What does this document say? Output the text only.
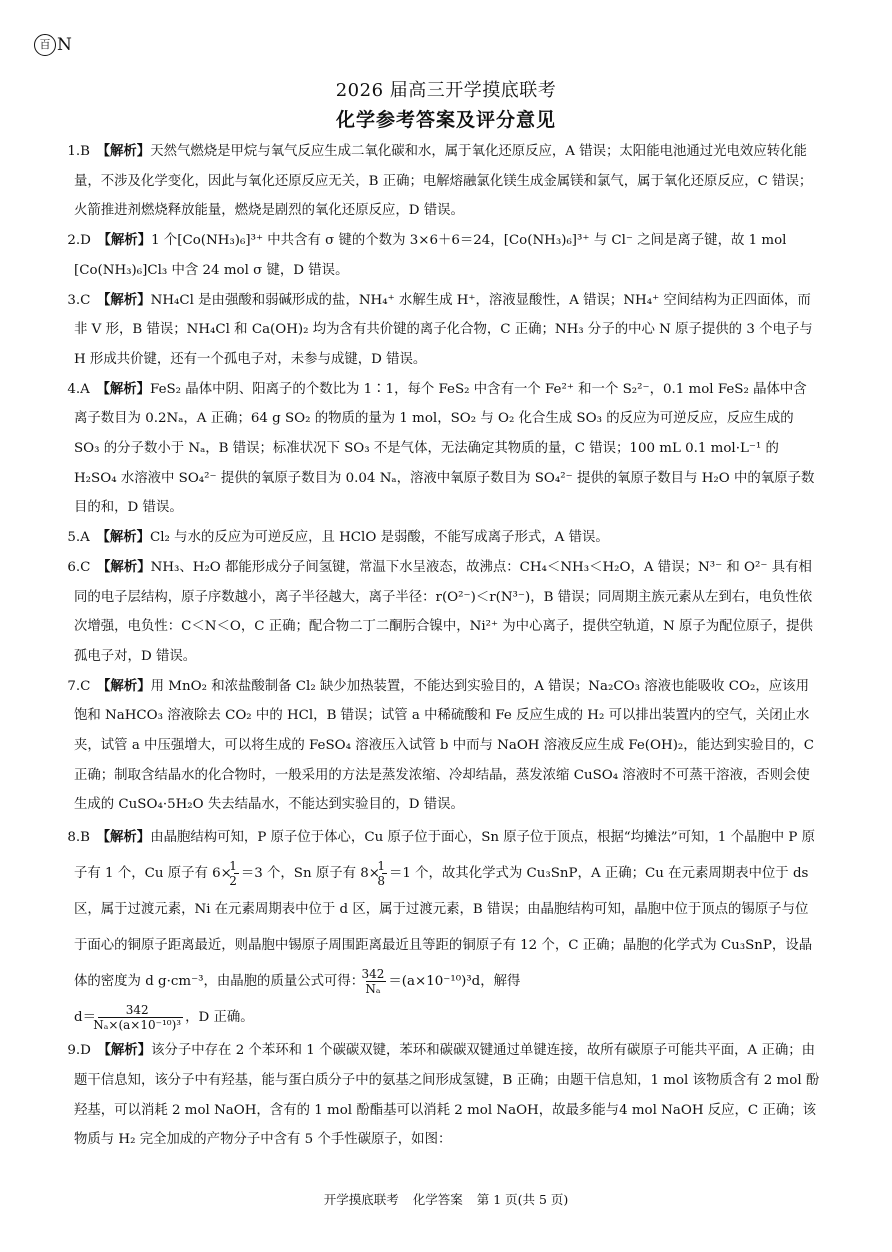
百 N
2026 届高三开学摸底联考
化学参考答案及评分意见

1.B  【解析】天然气燃烧是甲烷与氧气反应生成二氧化碳和水，属于氧化还原反应，A 错误；太阳能电池通过光电效应转化能量，不涉及化学变化，因此与氧化还原反应无关，B 正确；电解熔融氯化镁生成金属镁和氯气，属于氧化还原反应，C 错误；火箭推进剂燃烧释放能量，燃烧是剧烈的氧化还原反应，D 错误。

2.D  【解析】1 个[Co(NH₃)₆]³⁺ 中共含有 σ 键的个数为 3×6＋6＝24，[Co(NH₃)₆]³⁺ 与 Cl⁻ 之间是离子键，故 1 mol [Co(NH₃)₆]Cl₃ 中含 24 mol σ 键，D 错误。

3.C  【解析】NH₄Cl 是由强酸和弱碱形成的盐，NH₄⁺ 水解生成 H⁺，溶液显酸性，A 错误；NH₄⁺ 空间结构为正四面体，而非 V 形，B 错误；NH₄Cl 和 Ca(OH)₂ 均为含有共价键的离子化合物，C 正确；NH₃ 分子的中心 N 原子提供的 3 个电子与 H 形成共价键，还有一个孤电子对，未参与成键，D 错误。

4.A  【解析】FeS₂ 晶体中阴、阳离子的个数比为 1∶1，每个 FeS₂ 中含有一个 Fe²⁺ 和一个 S₂²⁻，0.1 mol FeS₂ 晶体中含离子数目为 0.2Nₐ，A 正确；64 g SO₂ 的物质的量为 1 mol，SO₂ 与 O₂ 化合生成 SO₃ 的反应为可逆反应，反应生成的 SO₃ 的分子数小于 Nₐ，B 错误；标准状况下 SO₃ 不是气体，无法确定其物质的量，C 错误；100 mL 0.1 mol·L⁻¹ 的 H₂SO₄ 水溶液中 SO₄²⁻ 提供的氧原子数目为 0.04 Nₐ，溶液中氧原子数目为 SO₄²⁻ 提供的氧原子数目与 H₂O 中的氧原子数目的和，D 错误。

5.A  【解析】Cl₂ 与水的反应为可逆反应，且 HClO 是弱酸，不能写成离子形式，A 错误。

6.C  【解析】NH₃、H₂O 都能形成分子间氢键，常温下水呈液态，故沸点：CH₄＜NH₃＜H₂O，A 错误；N³⁻ 和 O²⁻ 具有相同的电子层结构，原子序数越小，离子半径越大，离子半径：r(O²⁻)＜r(N³⁻)，B 错误；同周期主族元素从左到右，电负性依次增强，电负性：C＜N＜O，C 正确；配合物二丁二酮肟合镍中，Ni²⁺ 为中心离子，提供空轨道，N 原子为配位原子，提供孤电子对，D 错误。

7.C  【解析】用 MnO₂ 和浓盐酸制备 Cl₂ 缺少加热装置，不能达到实验目的，A 错误；Na₂CO₃ 溶液也能吸收 CO₂，应该用饱和 NaHCO₃ 溶液除去 CO₂ 中的 HCl，B 错误；试管 a 中稀硫酸和 Fe 反应生成的 H₂ 可以排出装置内的空气，关闭止水夹，试管 a 中压强增大，可以将生成的 FeSO₄ 溶液压入试管 b 中而与 NaOH 溶液反应生成 Fe(OH)₂，能达到实验目的，C 正确；制取含结晶水的化合物时，一般采用的方法是蒸发浓缩、冷却结晶，蒸发浓缩 CuSO₄ 溶液时不可蒸干溶液，否则会使生成的 CuSO₄·5H₂O 失去结晶水，不能达到实验目的，D 错误。

8.B  【解析】由晶胞结构可知，P 原子位于体心，Cu 原子位于面心，Sn 原子位于顶点，根据“均摊法”可知，1 个晶胞中 P 原子有 1 个，Cu 原子有 $6\times \frac{1}{2} =3$ 个，Sn 原子有 $8\times \frac{1}{8} =1$ 个，故其化学式为 Cu₃SnP，A 正确；Cu 在元素周期表中位于 ds 区，属于过渡元素，Ni 在元素周期表中位于 d 区，属于过渡元素，B 错误；由晶胞结构可知，晶胞中位于顶点的锡原子与位于面心的铜原子距离最近，则晶胞中锡原子周围距离最近且等距的铜原子有 12 个，C 正确；晶胞的化学式为 Cu₃SnP，设晶体的密度为 d g·cm⁻³，由晶胞的质量公式可得： $\frac{342}{\text{Nₐ}} =(a\times 10^{-10})^3d$，解得
$d= \frac{342}{\text{Nₐ×(a×10⁻¹⁰)³}}$ ，D 正确。

9.D  【解析】该分子中存在 2 个苯环和 1 个碳碳双键，苯环和碳碳双键通过单键连接，故所有碳原子可能共平面，A 正确；由题干信息知，该分子中有羟基，能与蛋白质分子中的氨基之间形成氢键，B 正确；由题干信息知，1 mol 该物质含有 2 mol 酚羟基，可以消耗 2 mol NaOH，含有的 1 mol 酚酯基可以消耗 2 mol NaOH，故最多能与4 mol NaOH 反应，C 正确；该物质与 H₂ 完全加成的产物分子中含有 5 个手性碳原子，如图：

开学摸底联考 化学答案 第 1 页(共 5 页)
